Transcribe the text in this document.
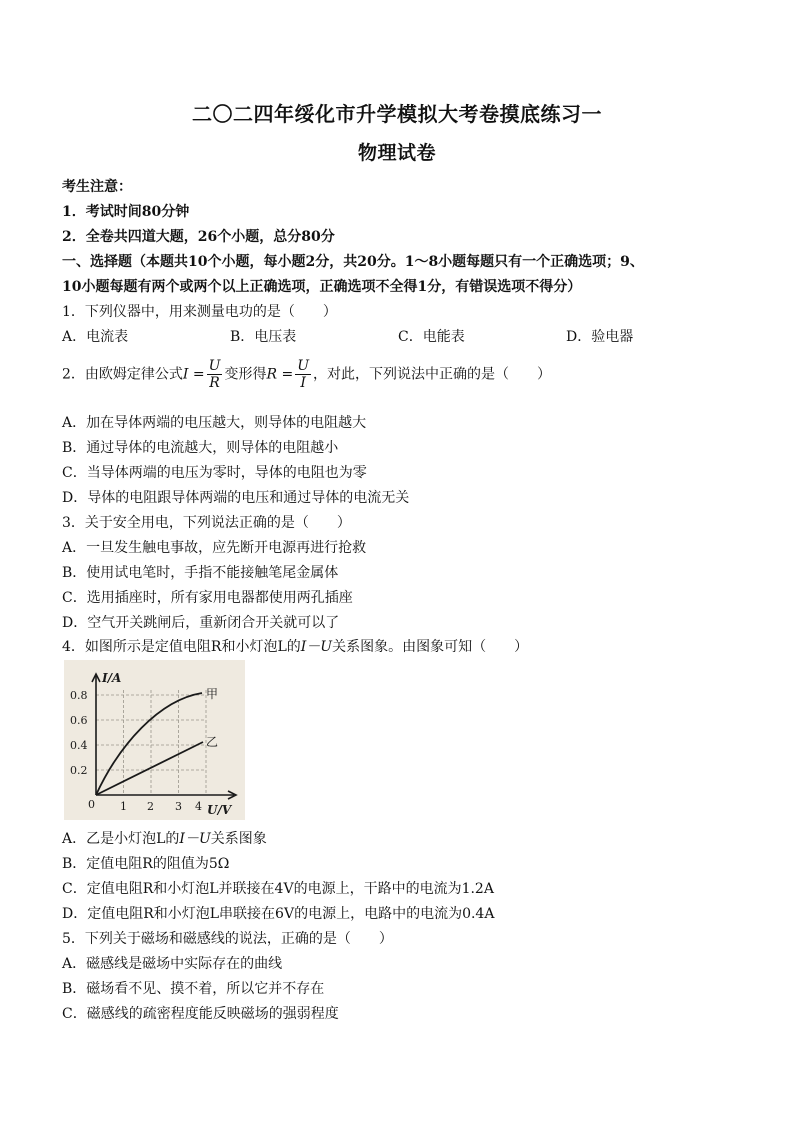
二〇二四年绥化市升学模拟大考卷摸底练习一
物理试卷
考生注意：
1．考试时间80分钟
2．全卷共四道大题，26个小题，总分80分
一、选择题（本题共10个小题，每小题2分，共20分。1～8小题每题只有一个正确选项；9、
10小题每题有两个或两个以上正确选项，正确选项不全得1分，有错误选项不得分）
1．下列仪器中，用来测量电功的是（　　）
A．电流表	B．电压表	C．电能表	D．验电器
2．由欧姆定律公式$I = \frac{U}{R}$ 变形得$R = \frac{U}{I}$ ，对此，下列说法中正确的是（　　）
A．加在导体两端的电压越大，则导体的电阻越大
B．通过导体的电流越大，则导体的电阻越小
C．当导体两端的电压为零时，导体的电阻也为零
D．导体的电阻跟导体两端的电压和通过导体的电流无关
3．关于安全用电，下列说法正确的是（　　）
A．一旦发生触电事故，应先断开电源再进行抢救
B．使用试电笔时，手指不能接触笔尾金属体
C．选用插座时，所有家用电器都使用两孔插座
D．空气开关跳闸后，重新闭合开关就可以了
4．如图所示是定值电阻R和小灯泡L的I－U关系图象。由图象可知（　　）
I/A
U/V
0.8
0.6
0.4
0.2
0 1 2 3 4
甲
乙
A．乙是小灯泡L的I－U关系图象
B．定值电阻R的阻值为5Ω
C．定值电阻R和小灯泡L并联接在4V的电源上，干路中的电流为1.2A
D．定值电阻R和小灯泡L串联接在6V的电源上，电路中的电流为0.4A
5．下列关于磁场和磁感线的说法，正确的是（　　）
A．磁感线是磁场中实际存在的曲线
B．磁场看不见、摸不着，所以它并不存在
C．磁感线的疏密程度能反映磁场的强弱程度
